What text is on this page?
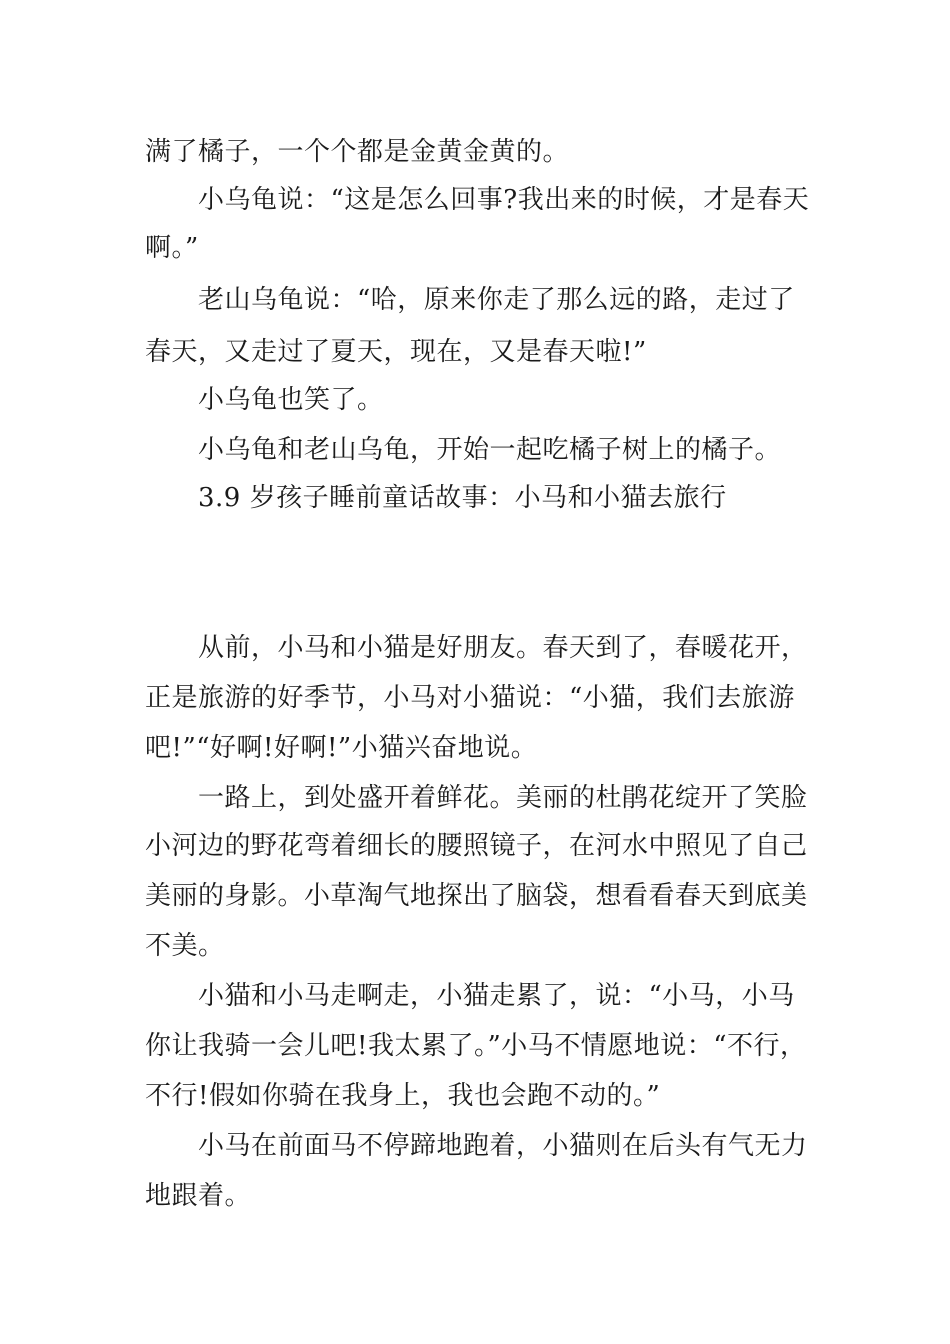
满了橘子，一个个都是金黄金黄的。
小乌龟说：“这是怎么回事?我出来的时候，才是春天
啊。”
老山乌龟说：“哈，原来你走了那么远的路，走过了
春天，又走过了夏天，现在，又是春天啦!”
小乌龟也笑了。
小乌龟和老山乌龟，开始一起吃橘子树上的橘子。
3.9 岁孩子睡前童话故事：小马和小猫去旅行
从前，小马和小猫是好朋友。春天到了，春暖花开，
正是旅游的好季节，小马对小猫说：“小猫，我们去旅游
吧!”“好啊!好啊!”小猫兴奋地说。
一路上，到处盛开着鲜花。美丽的杜鹃花绽开了笑脸
小河边的野花弯着细长的腰照镜子，在河水中照见了自己
美丽的身影。小草淘气地探出了脑袋，想看看春天到底美
不美。
小猫和小马走啊走，小猫走累了，说：“小马，小马
你让我骑一会儿吧!我太累了。”小马不情愿地说：“不行，
不行!假如你骑在我身上，我也会跑不动的。”
小马在前面马不停蹄地跑着，小猫则在后头有气无力
地跟着。
